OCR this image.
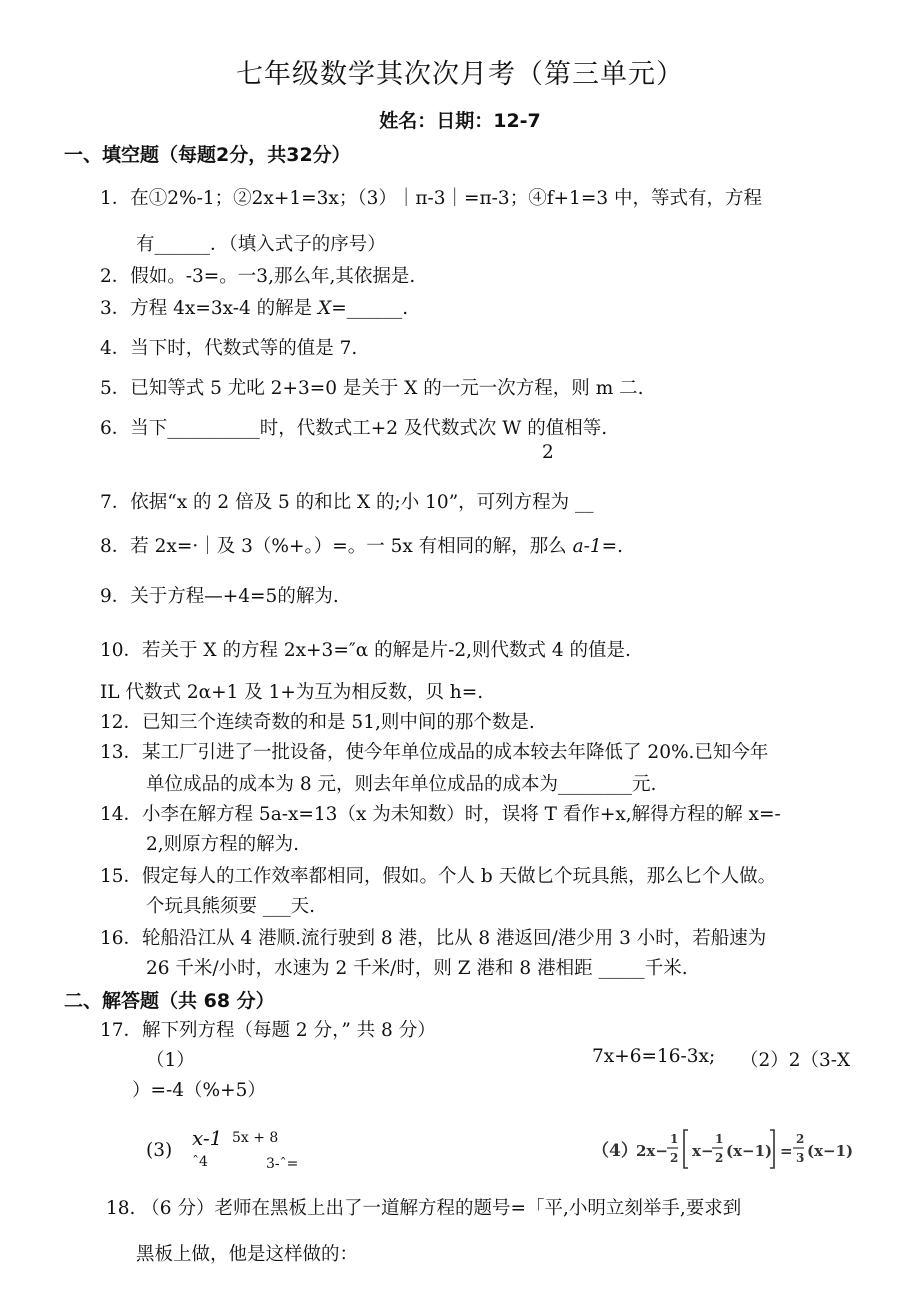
七年级数学其次次月考（第三单元）
姓名：日期：12-7
一、填空题（每题2分，共32分）
1．在①2%-1；②2x+1=3x；（3）｜π-3｜=π-3；④f+1=3 中，等式有，方程
有______．（填入式子的序号）
2．假如。-3=。一3,那么年,其依据是.
3．方程 4x=3x-4 的解是 X=______.
4．当下时，代数式等的值是 7.
5．已知等式 5 尤叱 2+3=0 是关于 X 的一元一次方程，则 m 二.
6．当下__________时，代数式工+2 及代数式次 W 的值相等.
2
7．依据“x 的 2 倍及 5 的和比 X 的;小 10”，可列方程为 __
8．若 2x=·｜及 3（%+。）=。一 5x 有相同的解，那么 a-1=.
9．关于方程—+4=5的解为.
10．若关于 X 的方程 2x+3=″α 的解是片-2,则代数式 4 的值是.
IL 代数式 2α+1 及 1+为互为相反数，贝 h=.
12．已知三个连续奇数的和是 51,则中间的那个数是.
13．某工厂引进了一批设备，使今年单位成品的成本较去年降低了 20%.已知今年
单位成品的成本为 8 元，则去年单位成品的成本为________元.
14．小李在解方程 5a-x=13（x 为未知数）时，误将 T 看作+x,解得方程的解 x=-
2,则原方程的解为.
15．假定每人的工作效率都相同，假如。个人 b 天做匕个玩具熊，那么匕个人做。
个玩具熊须要 ___天.
16．轮船沿江从 4 港顺.流行驶到 8 港，比从 8 港返回/港少用 3 小时，若船速为
26 千米/小时，水速为 2 千米/时，则 Z 港和 8 港相距 _____千米.
二、解答题（共 68 分）
17．解下列方程（每题 2 分，” 共 8 分）
（1）	7x+6=16-3x; （2）2（3-X
）=-4（%+5）
(3)
x-1 5x + 8
ˆ4	3-ˆ=
（4）
2x−
1
2 x−
1
2 (x−1) =
2
3 (x−1)
18. （6 分）老师在黑板上出了一道解方程的题号=「平,小明立刻举手,要求到
黑板上做，他是这样做的：
